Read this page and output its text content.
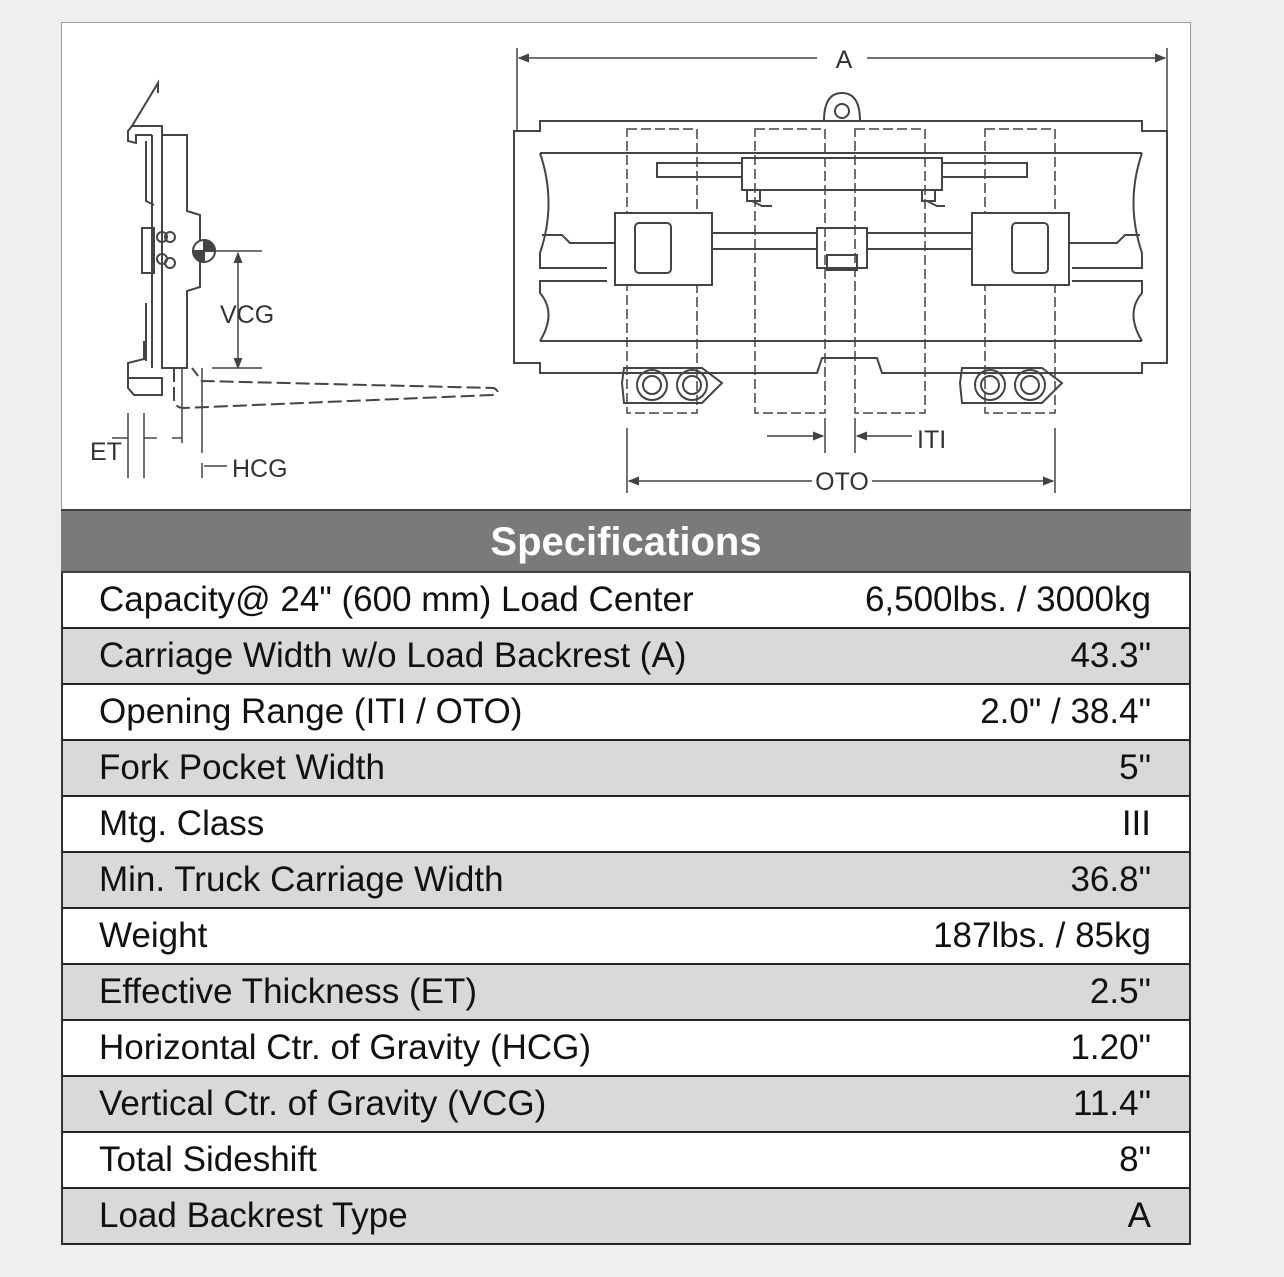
A
VCG
ET
HCG
ITI
OTO
Specifications
Capacity@ 24" (600 mm) Load Center	6,500lbs. / 3000kg
Carriage Width w/o Load Backrest (A)	43.3"
Opening Range (ITI / OTO)	2.0" / 38.4"
Fork Pocket Width	5"
Mtg. Class	III
Min. Truck Carriage Width	36.8"
Weight	187lbs. / 85kg
Effective Thickness (ET)	2.5"
Horizontal Ctr. of Gravity (HCG)	1.20"
Vertical Ctr. of Gravity (VCG)	11.4"
Total Sideshift	8"
Load Backrest Type	A
